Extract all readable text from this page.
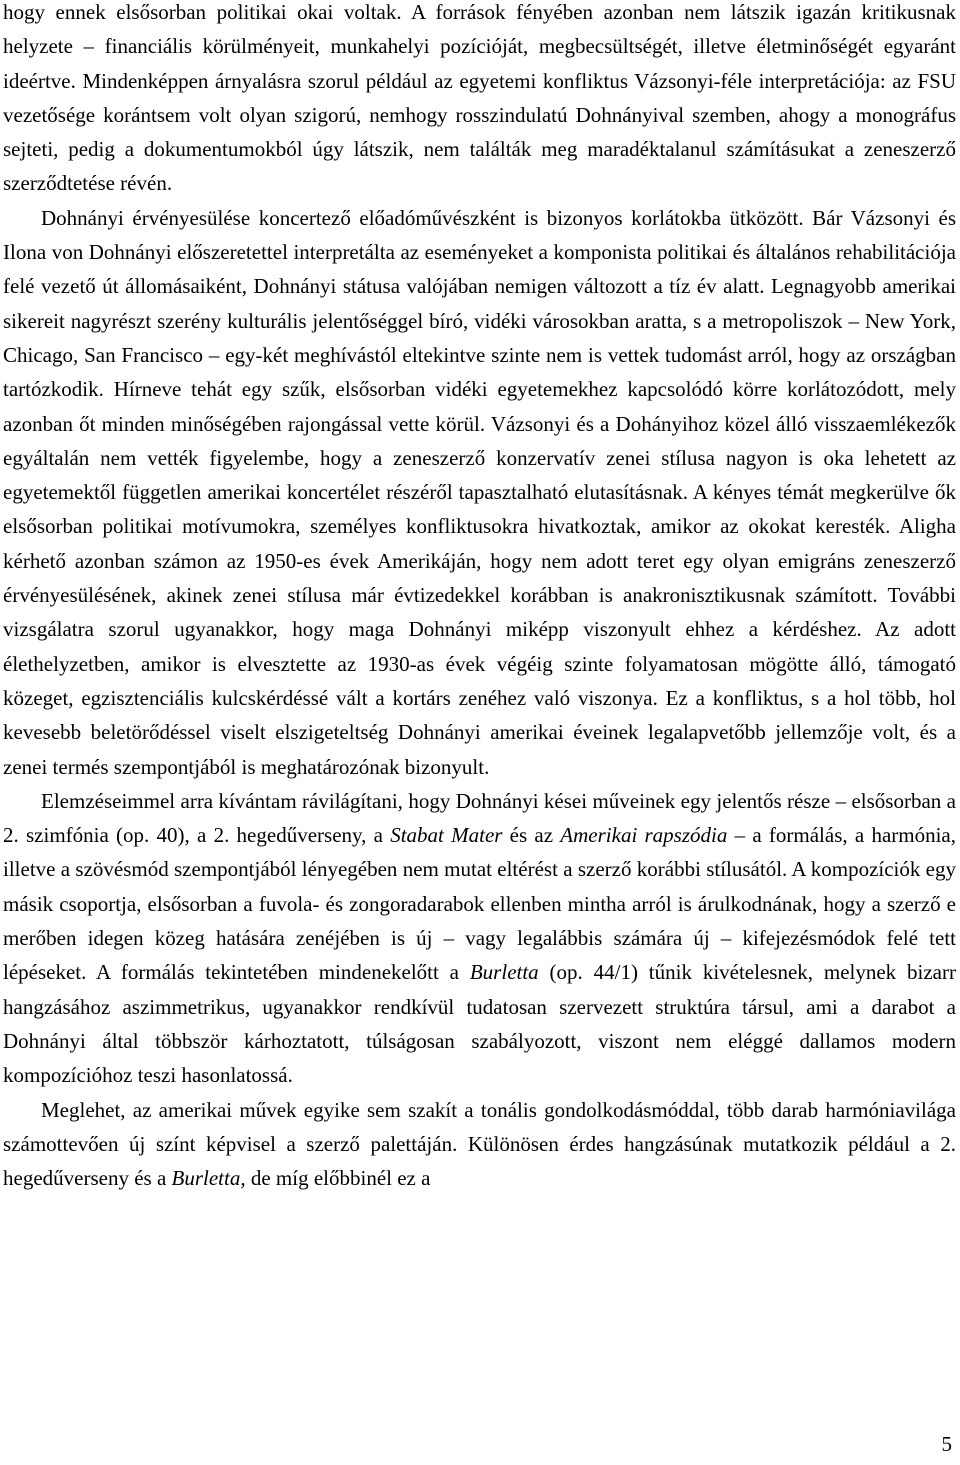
hogy ennek elsősorban politikai okai voltak. A források fényében azonban nem látszik igazán kritikusnak helyzete – financiális körülményeit, munkahelyi pozícióját, megbecsültségét, illetve életminőségét egyaránt ideértve. Mindenképpen árnyalásra szorul például az egyetemi konfliktus Vázsonyi-féle interpretációja: az FSU vezetősége korántsem volt olyan szigorú, nemhogy rosszindulatú Dohnányival szemben, ahogy a monográfus sejteti, pedig a dokumentumokból úgy látszik, nem találták meg maradéktalanul számításukat a zeneszerző szerződtetése révén.

Dohnányi érvényesülése koncertező előadóművészként is bizonyos korlátokba ütközött. Bár Vázsonyi és Ilona von Dohnányi előszeretettel interpretálta az eseményeket a komponista politikai és általános rehabilitációja felé vezető út állomásaiként, Dohnányi státusa valójában nemigen változott a tíz év alatt. Legnagyobb amerikai sikereit nagyrészt szerény kulturális jelentőséggel bíró, vidéki városokban aratta, s a metropoliszok – New York, Chicago, San Francisco – egy-két meghívástól eltekintve szinte nem is vettek tudomást arról, hogy az országban tartózkodik. Hírneve tehát egy szűk, elsősorban vidéki egyetemekhez kapcsolódó körre korlátozódott, mely azonban őt minden minőségében rajongással vette körül. Vázsonyi és a Dohányihoz közel álló visszaemlékezők egyáltalán nem vették figyelembe, hogy a zeneszerző konzervatív zenei stílusa nagyon is oka lehetett az egyetemektől független amerikai koncertélet részéről tapasztalható elutasításnak. A kényes témát megkerülve ők elsősorban politikai motívumokra, személyes konfliktusokra hivatkoztak, amikor az okokat keresték. Aligha kérhető azonban számon az 1950-es évek Amerikáján, hogy nem adott teret egy olyan emigráns zeneszerző érvényesülésének, akinek zenei stílusa már évtizedekkel korábban is anakronisztikusnak számított. További vizsgálatra szorul ugyanakkor, hogy maga Dohnányi miképp viszonyult ehhez a kérdéshez. Az adott élethelyzetben, amikor is elvesztette az 1930-as évek végéig szinte folyamatosan mögötte álló, támogató közeget, egzisztenciális kulcskérdéssé vált a kortárs zenéhez való viszonya. Ez a konfliktus, s a hol több, hol kevesebb beletörődéssel viselt elszigeteltség Dohnányi amerikai éveinek legalapvetőbb jellemzője volt, és a zenei termés szempontjából is meghatározónak bizonyult.

Elemzéseimmel arra kívántam rávilágítani, hogy Dohnányi kései műveinek egy jelentős része – elsősorban a 2. szimfónia (op. 40), a 2. hegedűverseny, a Stabat Mater és az Amerikai rapszódia – a formálás, a harmónia, illetve a szövésmód szempontjából lényegében nem mutat eltérést a szerző korábbi stílusától. A kompozíciók egy másik csoportja, elsősorban a fuvola- és zongoradarabok ellenben mintha arról is árulkodnának, hogy a szerző e merőben idegen közeg hatására zenéjében is új – vagy legalábbis számára új – kifejezésmódok felé tett lépéseket. A formálás tekintetében mindenekelőtt a Burletta (op. 44/1) tűnik kivételesnek, melynek bizarr hangzásához aszimmetrikus, ugyanakkor rendkívül tudatosan szervezett struktúra társul, ami a darabot a Dohnányi által többször kárhoztatott, túlságosan szabályozott, viszont nem eléggé dallamos modern kompozícióhoz teszi hasonlatossá.

Meglehet, az amerikai művek egyike sem szakít a tonális gondolkodásmóddal, több darab harmóniavilága számottevően új színt képvisel a szerző palettáján. Különösen érdes hangzásúnak mutatkozik például a 2. hegedűverseny és a Burletta, de míg előbbinél ez a

5
